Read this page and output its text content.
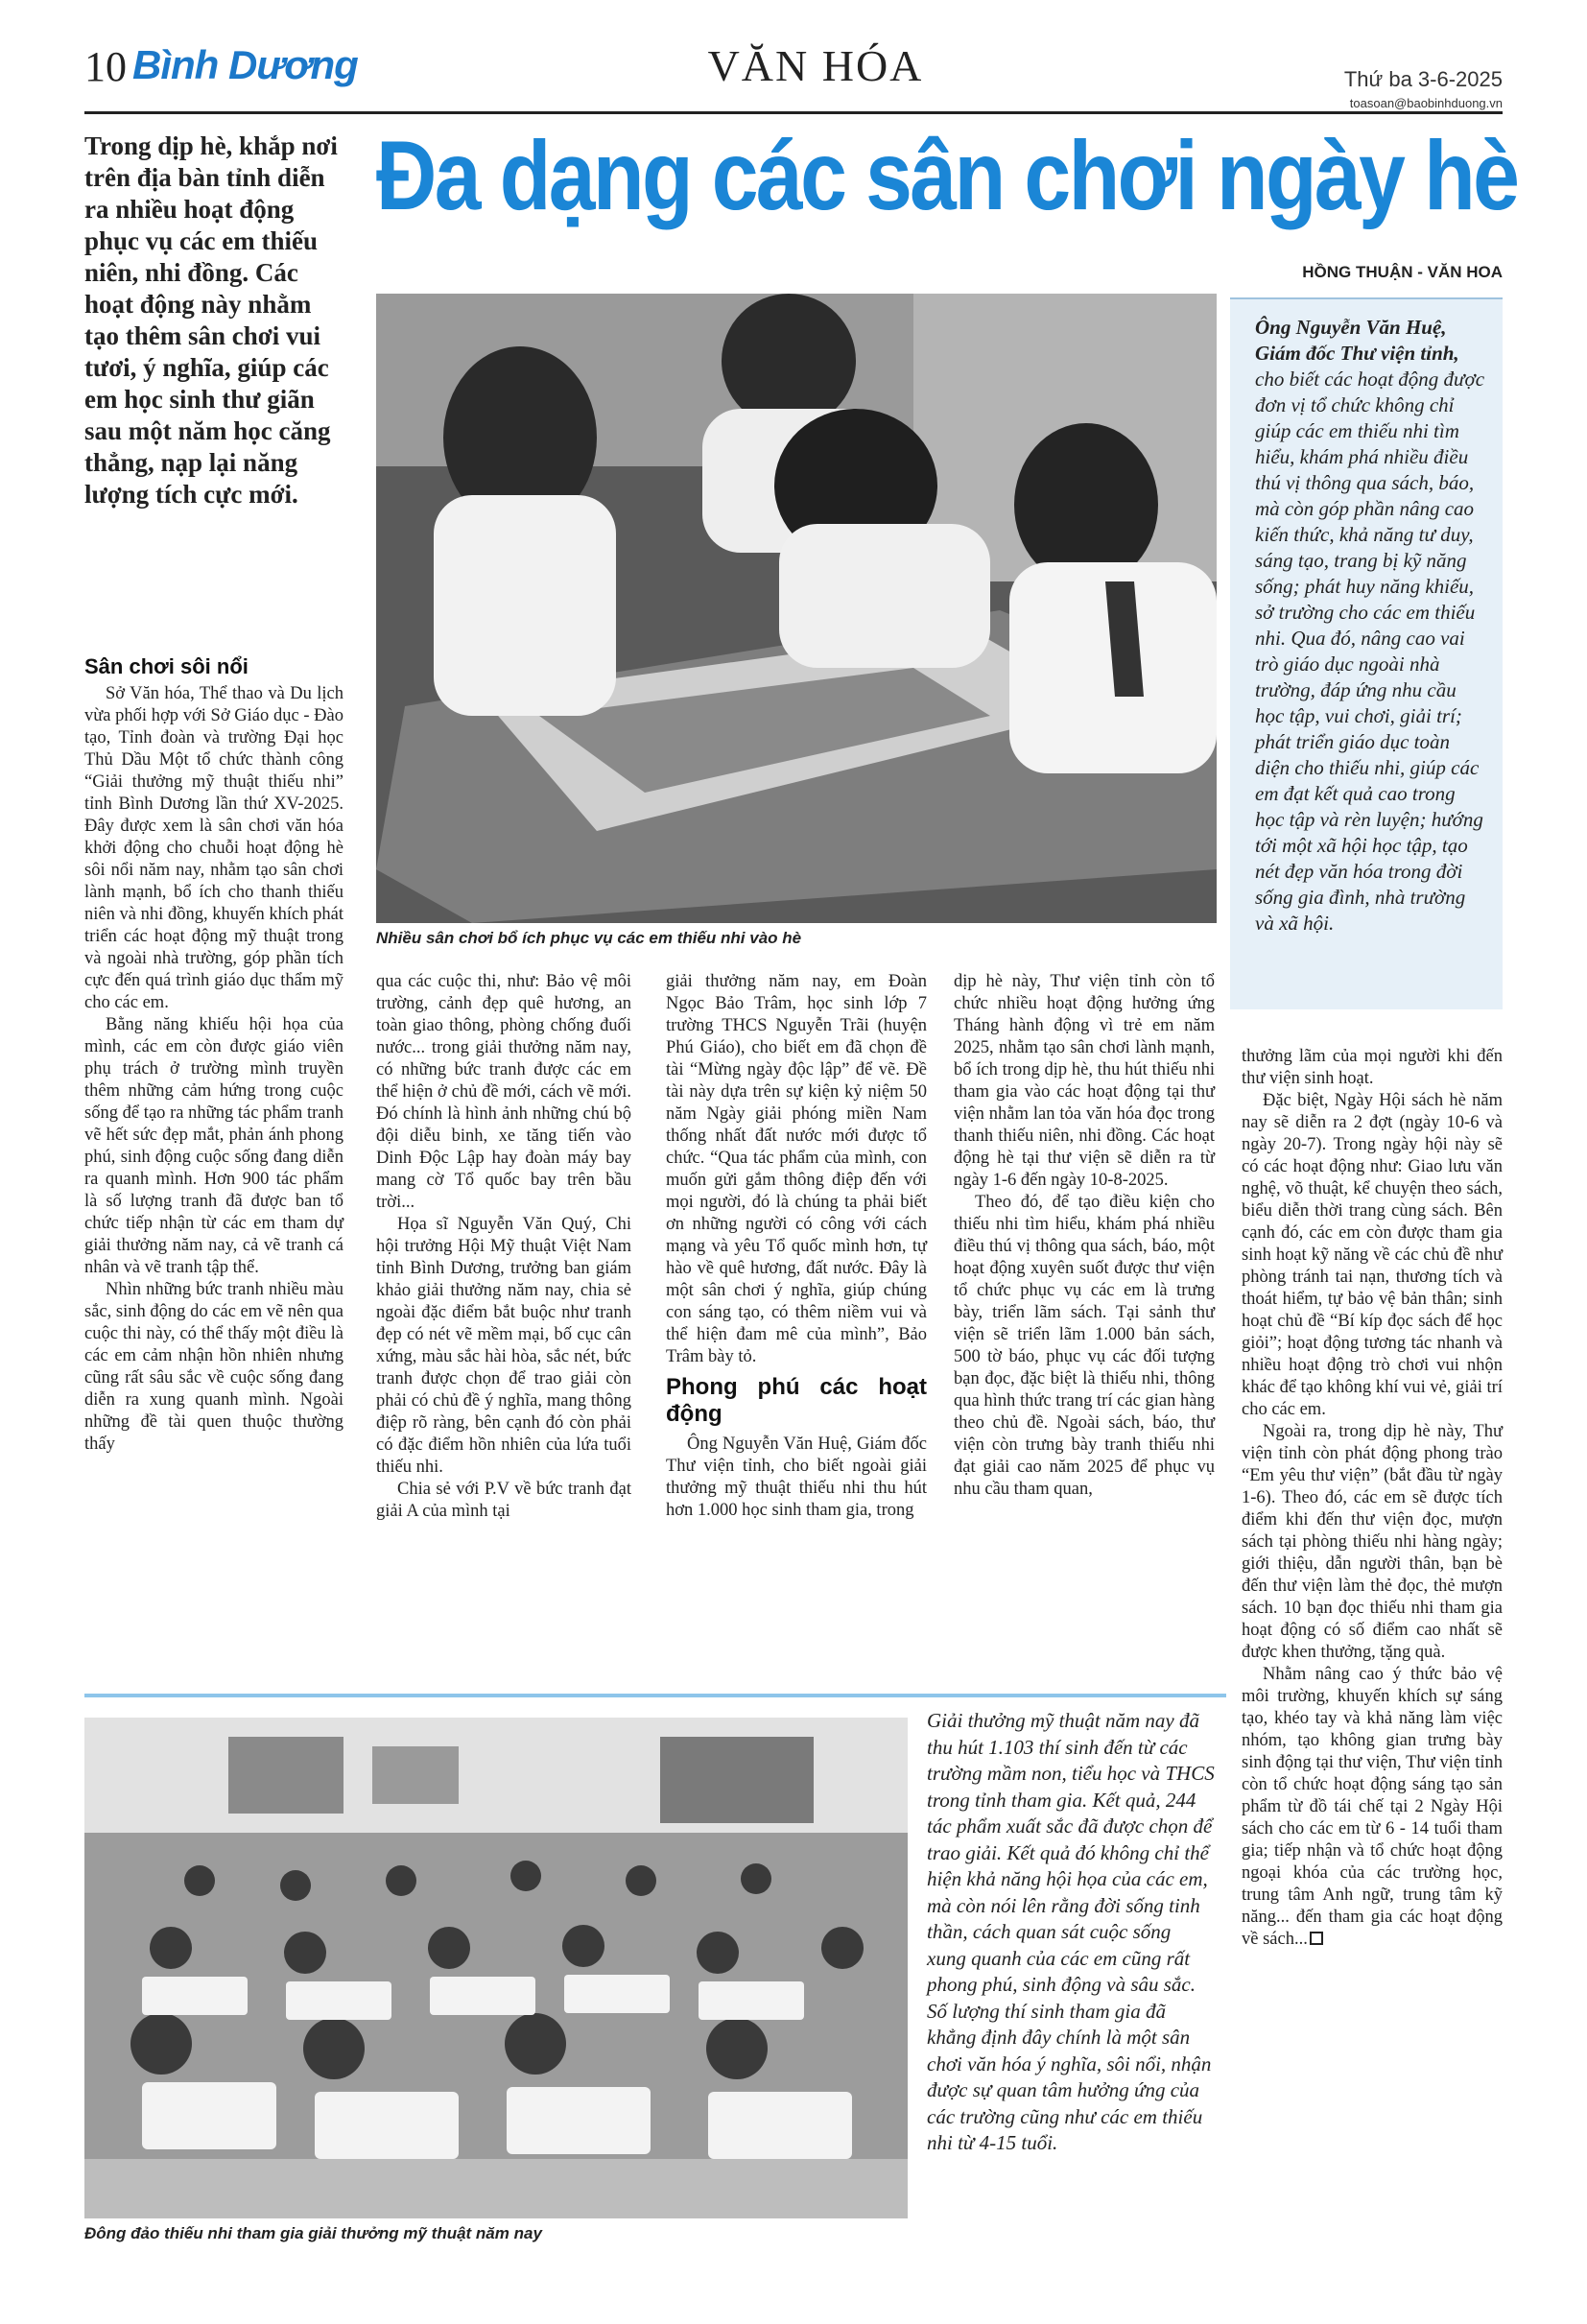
10 Bình Dương	VĂN HÓA	Thứ ba 3-6-2025
toasoan@baobinhduong.vn
Trong dịp hè, khắp nơi trên địa bàn tỉnh diễn ra nhiều hoạt động phục vụ các em thiếu niên, nhi đồng. Các hoạt động này nhằm tạo thêm sân chơi vui tươi, ý nghĩa, giúp các em học sinh thư giãn sau một năm học căng thẳng, nạp lại năng lượng tích cực mới.
Đa dạng các sân chơi ngày hè
HỒNG THUẬN - VĂN HOA
Nhiều sân chơi bổ ích phục vụ các em thiếu nhi vào hè
Ông Nguyễn Văn Huệ, Giám đốc Thư viện tỉnh, cho biết các hoạt động được đơn vị tổ chức không chỉ giúp các em thiếu nhi tìm hiểu, khám phá nhiều điều thú vị thông qua sách, báo, mà còn góp phần nâng cao kiến thức, khả năng tư duy, sáng tạo, trang bị kỹ năng sống; phát huy năng khiếu, sở trường cho các em thiếu nhi. Qua đó, nâng cao vai trò giáo dục ngoài nhà trường, đáp ứng nhu cầu học tập, vui chơi, giải trí; phát triển giáo dục toàn diện cho thiếu nhi, giúp các em đạt kết quả cao trong học tập và rèn luyện; hướng tới một xã hội học tập, tạo nét đẹp văn hóa trong đời sống gia đình, nhà trường và xã hội.
Sân chơi sôi nổi

Sở Văn hóa, Thể thao và Du lịch vừa phối hợp với Sở Giáo dục - Đào tạo, Tỉnh đoàn và trường Đại học Thủ Dầu Một tổ chức thành công “Giải thưởng mỹ thuật thiếu nhi” tỉnh Bình Dương lần thứ XV-2025. Đây được xem là sân chơi văn hóa khởi động cho chuỗi hoạt động hè sôi nổi năm nay, nhằm tạo sân chơi lành mạnh, bổ ích cho thanh thiếu niên và nhi đồng, khuyến khích phát triển các hoạt động mỹ thuật trong và ngoài nhà trường, góp phần tích cực đến quá trình giáo dục thẩm mỹ cho các em.

Bằng năng khiếu hội họa của mình, các em còn được giáo viên phụ trách ở trường mình truyền thêm những cảm hứng trong cuộc sống để tạo ra những tác phẩm tranh vẽ hết sức đẹp mắt, phản ánh phong phú, sinh động cuộc sống đang diễn ra quanh mình. Hơn 900 tác phẩm là số lượng tranh đã được ban tổ chức tiếp nhận từ các em tham dự giải thưởng năm nay, cả vẽ tranh cá nhân và vẽ tranh tập thể.

Nhìn những bức tranh nhiều màu sắc, sinh động do các em vẽ nên qua cuộc thi này, có thể thấy một điều là các em cảm nhận hồn nhiên nhưng cũng rất sâu sắc về cuộc sống đang diễn ra xung quanh mình. Ngoài những đề tài quen thuộc thường thấy

qua các cuộc thi, như: Bảo vệ môi trường, cảnh đẹp quê hương, an toàn giao thông, phòng chống đuối nước... trong giải thưởng năm nay, có những bức tranh được các em thể hiện ở chủ đề mới, cách vẽ mới. Đó chính là hình ảnh những chú bộ đội diễu binh, xe tăng tiến vào Dinh Độc Lập hay đoàn máy bay mang cờ Tổ quốc bay trên bầu trời...

Họa sĩ Nguyễn Văn Quý, Chi hội trưởng Hội Mỹ thuật Việt Nam tỉnh Bình Dương, trưởng ban giám khảo giải thưởng năm nay, chia sẻ ngoài đặc điểm bắt buộc như tranh đẹp có nét vẽ mềm mại, bố cục cân xứng, màu sắc hài hòa, sắc nét, bức tranh được chọn để trao giải còn phải có chủ đề ý nghĩa, mang thông điệp rõ ràng, bên cạnh đó còn phải có đặc điểm hồn nhiên của lứa tuổi thiếu nhi.

Chia sẻ với P.V về bức tranh đạt giải A của mình tại

giải thưởng năm nay, em Đoàn Ngọc Bảo Trâm, học sinh lớp 7 trường THCS Nguyễn Trãi (huyện Phú Giáo), cho biết em đã chọn đề tài “Mừng ngày độc lập” để vẽ. Đề tài này dựa trên sự kiện kỷ niệm 50 năm Ngày giải phóng miền Nam thống nhất đất nước mới được tổ chức. “Qua tác phẩm của mình, con muốn gửi gắm thông điệp đến với mọi người, đó là chúng ta phải biết ơn những người có công với cách mạng và yêu Tổ quốc mình hơn, tự hào về quê hương, đất nước. Đây là một sân chơi ý nghĩa, giúp chúng con sáng tạo, có thêm niềm vui và thể hiện đam mê của mình”, Bảo Trâm bày tỏ.

Phong phú các hoạt động

Ông Nguyễn Văn Huệ, Giám đốc Thư viện tỉnh, cho biết ngoài giải thưởng mỹ thuật thiếu nhi thu hút hơn 1.000 học sinh tham gia, trong

dịp hè này, Thư viện tỉnh còn tổ chức nhiều hoạt động hưởng ứng Tháng hành động vì trẻ em năm 2025, nhằm tạo sân chơi lành mạnh, bổ ích trong dịp hè, thu hút thiếu nhi tham gia vào các hoạt động tại thư viện nhằm lan tỏa văn hóa đọc trong thanh thiếu niên, nhi đồng. Các hoạt động hè tại thư viện sẽ diễn ra từ ngày 1-6 đến ngày 10-8-2025.

Theo đó, để tạo điều kiện cho thiếu nhi tìm hiểu, khám phá nhiều điều thú vị thông qua sách, báo, một hoạt động xuyên suốt được thư viện tổ chức phục vụ các em là trưng bày, triển lãm sách. Tại sảnh thư viện sẽ triển lãm 1.000 bản sách, 500 tờ báo, phục vụ các đối tượng bạn đọc, đặc biệt là thiếu nhi, thông qua hình thức trang trí các gian hàng theo chủ đề. Ngoài sách, báo, thư viện còn trưng bày tranh thiếu nhi đạt giải cao năm 2025 để phục vụ nhu cầu tham quan,

thưởng lãm của mọi người khi đến thư viện sinh hoạt.

Đặc biệt, Ngày Hội sách hè năm nay sẽ diễn ra 2 đợt (ngày 10-6 và ngày 20-7). Trong ngày hội này sẽ có các hoạt động như: Giao lưu văn nghệ, võ thuật, kể chuyện theo sách, biểu diễn thời trang cùng sách. Bên cạnh đó, các em còn được tham gia sinh hoạt kỹ năng về các chủ đề như phòng tránh tai nạn, thương tích và thoát hiểm, tự bảo vệ bản thân; sinh hoạt chủ đề “Bí kíp đọc sách để học giỏi”; hoạt động tương tác nhanh và nhiều hoạt động trò chơi vui nhộn khác để tạo không khí vui vẻ, giải trí cho các em.

Ngoài ra, trong dịp hè này, Thư viện tỉnh còn phát động phong trào “Em yêu thư viện” (bắt đầu từ ngày 1-6). Theo đó, các em sẽ được tích điểm khi đến thư viện đọc, mượn sách tại phòng thiếu nhi hàng ngày; giới thiệu, dẫn người thân, bạn bè đến thư viện làm thẻ đọc, thẻ mượn sách. 10 bạn đọc thiếu nhi tham gia hoạt động có số điểm cao nhất sẽ được khen thưởng, tặng quà.

Nhằm nâng cao ý thức bảo vệ môi trường, khuyến khích sự sáng tạo, khéo tay và khả năng làm việc nhóm, tạo không gian trưng bày sinh động tại thư viện, Thư viện tỉnh còn tổ chức hoạt động sáng tạo sản phẩm từ đồ tái chế tại 2 Ngày Hội sách cho các em từ 6 - 14 tuổi tham gia; tiếp nhận và tổ chức hoạt động ngoại khóa của các trường học, trung tâm Anh ngữ, trung tâm kỹ năng... đến tham gia các hoạt động về sách...

Đông đảo thiếu nhi tham gia giải thưởng mỹ thuật năm nay
Giải thưởng mỹ thuật năm nay đã thu hút 1.103 thí sinh đến từ các trường mầm non, tiểu học và THCS trong tỉnh tham gia. Kết quả, 244 tác phẩm xuất sắc đã được chọn để trao giải. Kết quả đó không chỉ thể hiện khả năng hội họa của các em, mà còn nói lên rằng đời sống tinh thần, cách quan sát cuộc sống xung quanh của các em cũng rất phong phú, sinh động và sâu sắc. Số lượng thí sinh tham gia đã khẳng định đây chính là một sân chơi văn hóa ý nghĩa, sôi nổi, nhận được sự quan tâm hưởng ứng của các trường cũng như các em thiếu nhi từ 4-15 tuổi.
